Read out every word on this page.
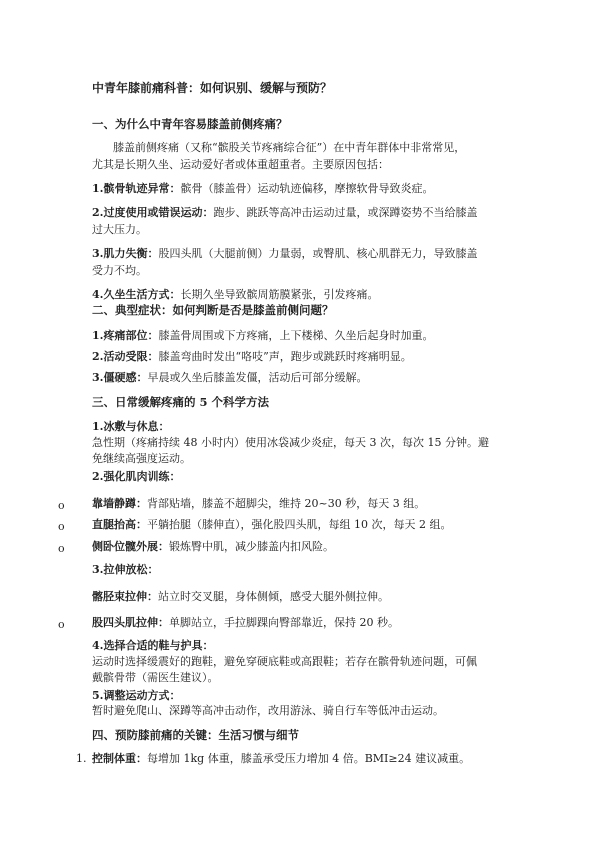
中青年膝前痛科普：如何识别、缓解与预防？
一、为什么中青年容易膝盖前侧疼痛？
膝盖前侧疼痛（又称“髌股关节疼痛综合征”）在中青年群体中非常常见，
尤其是长期久坐、运动爱好者或体重超重者。主要原因包括：
1.髌骨轨迹异常：髌骨（膝盖骨）运动轨迹偏移，摩擦软骨导致炎症。
2.过度使用或错误运动：跑步、跳跃等高冲击运动过量，或深蹲姿势不当给膝盖
过大压力。
3.肌力失衡：股四头肌（大腿前侧）力量弱，或臀肌、核心肌群无力，导致膝盖
受力不均。
4.久坐生活方式：长期久坐导致髌周筋膜紧张，引发疼痛。
二、典型症状：如何判断是否是膝盖前侧问题？
1.疼痛部位：膝盖骨周围或下方疼痛，上下楼梯、久坐后起身时加重。
2.活动受限：膝盖弯曲时发出“咯吱”声，跑步或跳跃时疼痛明显。
3.僵硬感：早晨或久坐后膝盖发僵，活动后可部分缓解。
三、日常缓解疼痛的 5 个科学方法
1.冰敷与休息：
急性期（疼痛持续 48 小时内）使用冰袋减少炎症，每天 3 次，每次 15 分钟。避
免继续高强度运动。
2.强化肌肉训练：
o 靠墙静蹲：背部贴墙，膝盖不超脚尖，维持 20~30 秒，每天 3 组。
o 直腿抬高：平躺抬腿（膝伸直），强化股四头肌，每组 10 次，每天 2 组。
o 侧卧位髋外展：锻炼臀中肌，减少膝盖内扣风险。
3.拉伸放松：
髂胫束拉伸：站立时交叉腿，身体侧倾，感受大腿外侧拉伸。
o 股四头肌拉伸：单脚站立，手拉脚踝向臀部靠近，保持 20 秒。
4.选择合适的鞋与护具：
运动时选择缓震好的跑鞋，避免穿硬底鞋或高跟鞋；若存在髌骨轨迹问题，可佩
戴髌骨带（需医生建议）。
5.调整运动方式：
暂时避免爬山、深蹲等高冲击动作，改用游泳、骑自行车等低冲击运动。
四、预防膝前痛的关键：生活习惯与细节
1. 控制体重：每增加 1kg 体重，膝盖承受压力增加 4 倍。BMI≥24 建议减重。
